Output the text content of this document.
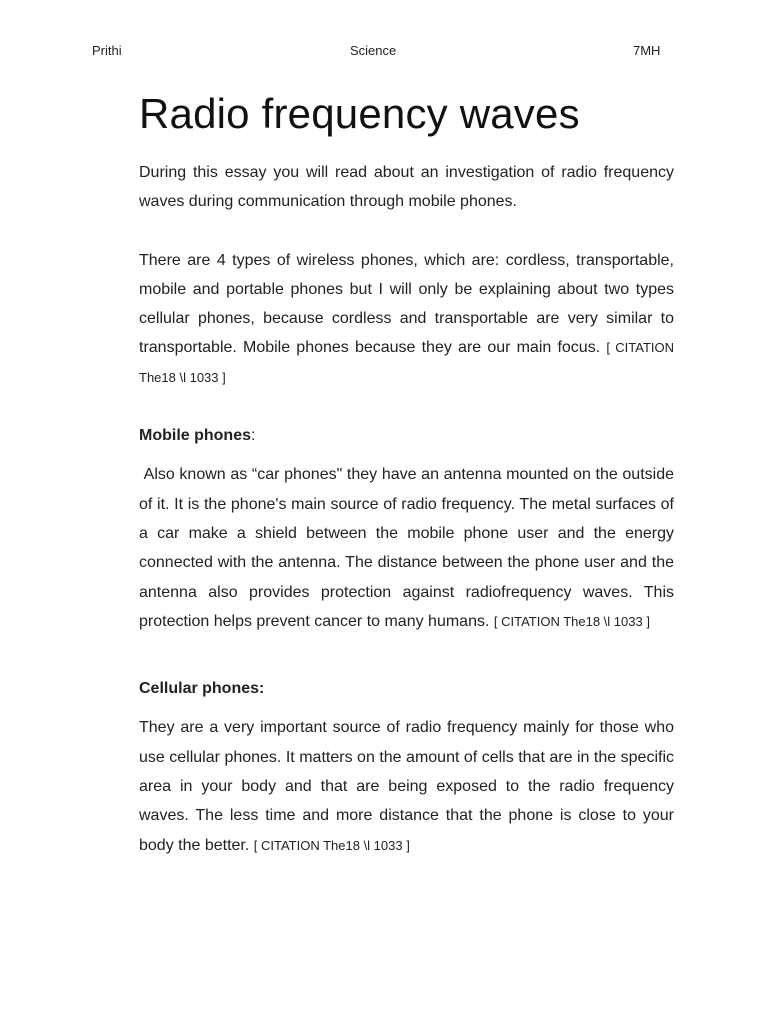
Prithi	Science	7MH
Radio frequency waves

During this essay you will read about an investigation of radio frequency waves during communication through mobile phones.

There are 4 types of wireless phones, which are: cordless, transportable, mobile and portable phones but I will only be explaining about two types cellular phones, because cordless and transportable are very similar to transportable. Mobile phones because they are our main focus. [ CITATION The18 \l 1033 ]

Mobile phones:

Also known as “car phones" they have an antenna mounted on the outside of it. It is the phone's main source of radio frequency. The metal surfaces of a car make a shield between the mobile phone user and the energy connected with the antenna. The distance between the phone user and the antenna also provides protection against radiofrequency waves. This protection helps prevent cancer to many humans. [ CITATION The18 \l 1033 ]

Cellular phones:

They are a very important source of radio frequency mainly for those who use cellular phones. It matters on the amount of cells that are in the specific area in your body and that are being exposed to the radio frequency waves. The less time and more distance that the phone is close to your body the better. [ CITATION The18 \l 1033 ]
